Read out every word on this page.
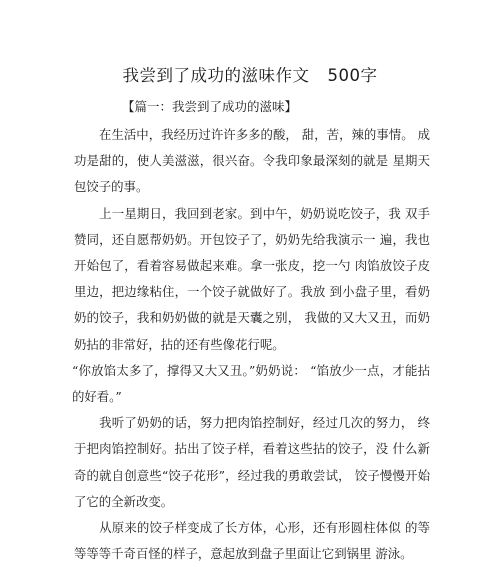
我尝到了成功的滋味作文 500字
【篇一：我尝到了成功的滋味】

在生活中，我经历过许许多多的酸， 甜，苦，辣的事情。 成功是甜的，使人美滋滋，很兴奋。令我印象最深刻的就是 星期天包饺子的事。

上一星期日，我回到老家。到中午，奶奶说吃饺子，我 双手赞同，还自愿帮奶奶。开包饺子了，奶奶先给我演示一 遍，我也开始包了，看着容易做起来难。拿一张皮，挖一勺 肉馅放饺子皮里边，把边缘粘住，一个饺子就做好了。我放 到小盘子里，看奶奶的饺子，我和奶奶做的就是天囊之别， 我做的又大又丑，而奶奶拈的非常好，拈的还有些像花行呢。

“你放馅太多了，撑得又大又丑。”奶奶说： “馅放少一点，才能拈的好看。”

我听了奶奶的话，努力把肉馅控制好，经过几次的努力， 终于把肉馅控制好。拈出了饺子样，看着这些拈的饺子，没 什么新奇的就自创意些“饺子花形”，经过我的勇敢尝试， 饺子慢慢开始了它的全新改变。

从原来的饺子样变成了长方体，心形，还有形圆柱体似 的等等等等千奇百怪的样子，意起放到盘子里面让它到锅里 游泳。
